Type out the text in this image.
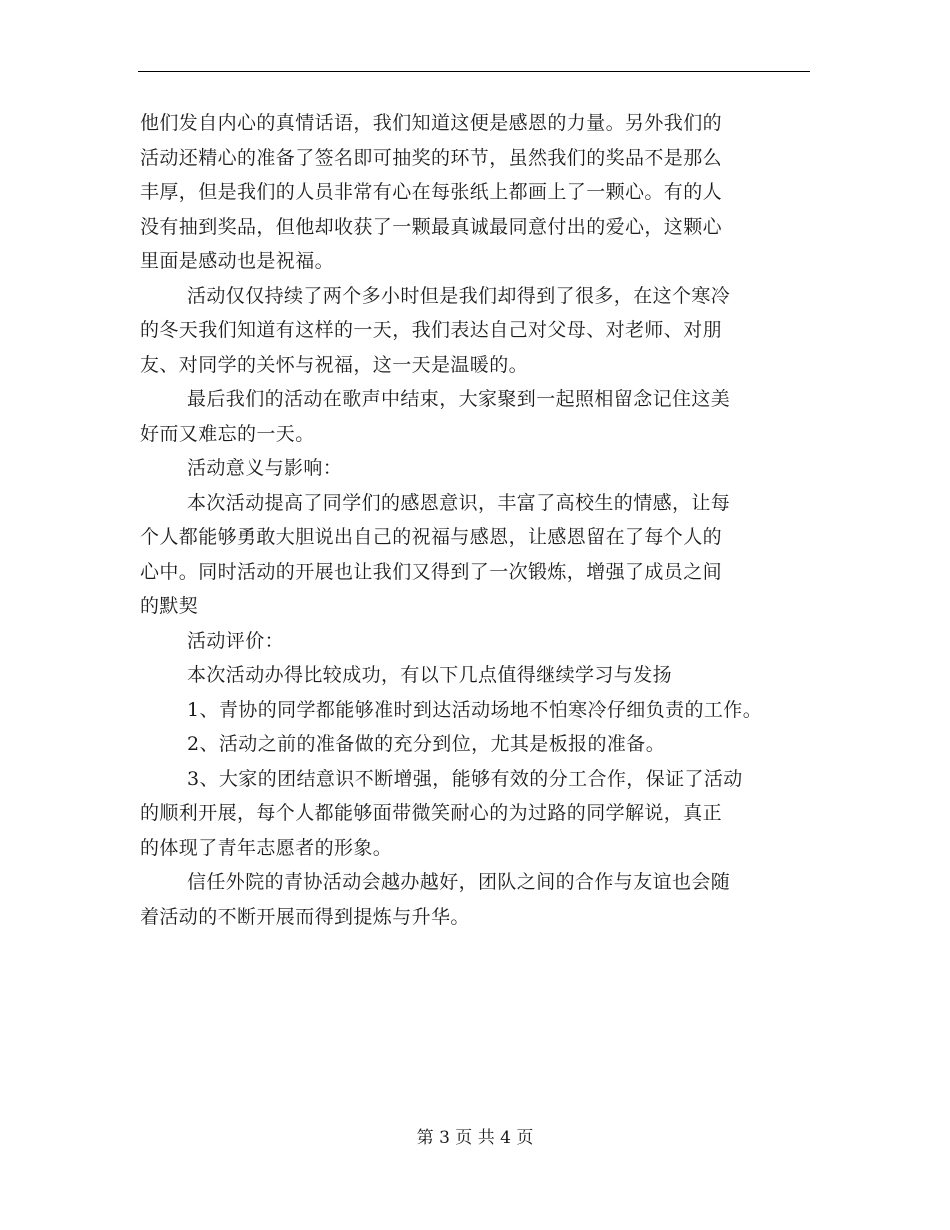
他们发自内心的真情话语，我们知道这便是感恩的力量。另外我们的
活动还精心的准备了签名即可抽奖的环节，虽然我们的奖品不是那么
丰厚，但是我们的人员非常有心在每张纸上都画上了一颗心。有的人
没有抽到奖品，但他却收获了一颗最真诚最同意付出的爱心，这颗心
里面是感动也是祝福。
活动仅仅持续了两个多小时但是我们却得到了很多，在这个寒冷
的冬天我们知道有这样的一天，我们表达自己对父母、对老师、对朋
友、对同学的关怀与祝福，这一天是温暖的。
最后我们的活动在歌声中结束，大家聚到一起照相留念记住这美
好而又难忘的一天。
活动意义与影响：
本次活动提高了同学们的感恩意识，丰富了高校生的情感，让每
个人都能够勇敢大胆说出自己的祝福与感恩，让感恩留在了每个人的
心中。同时活动的开展也让我们又得到了一次锻炼，增强了成员之间
的默契
活动评价：
本次活动办得比较成功，有以下几点值得继续学习与发扬
1、青协的同学都能够准时到达活动场地不怕寒冷仔细负责的工作。
2、活动之前的准备做的充分到位，尤其是板报的准备。
3、大家的团结意识不断增强，能够有效的分工合作，保证了活动
的顺利开展，每个人都能够面带微笑耐心的为过路的同学解说，真正
的体现了青年志愿者的形象。
信任外院的青协活动会越办越好，团队之间的合作与友谊也会随
着活动的不断开展而得到提炼与升华。
第 3 页 共 4 页
